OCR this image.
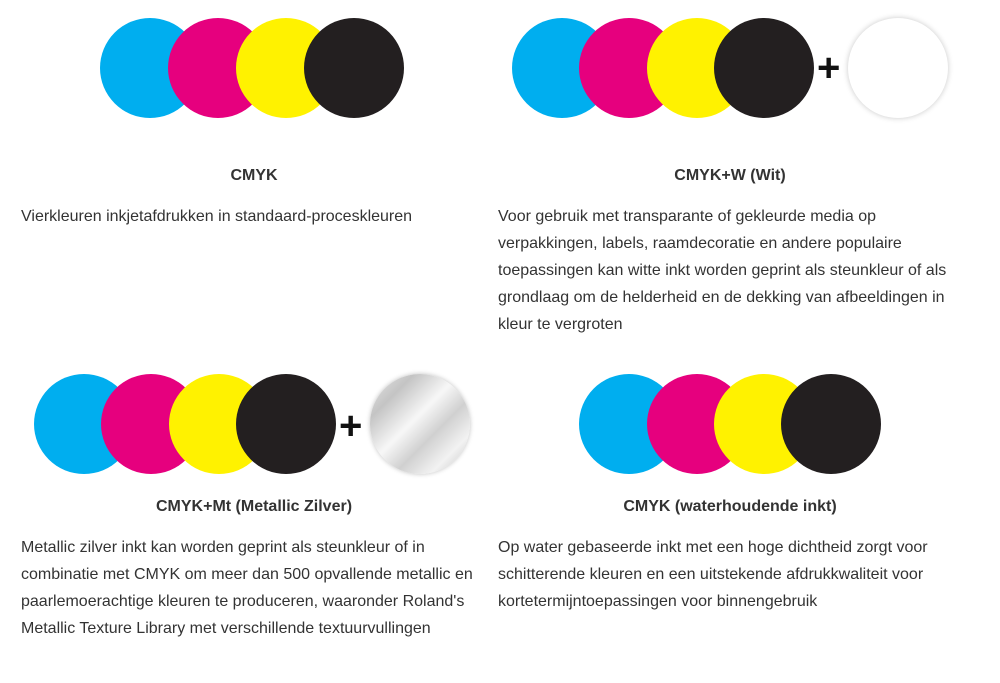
CMYK
Vierkleuren inkjetafdrukken in standaard-proceskleuren
+
CMYK+W (Wit)
Voor gebruik met transparante of gekleurde media op verpakkingen, labels, raamdecoratie en andere populaire toepassingen kan witte inkt worden geprint als steunkleur of als grondlaag om de helderheid en de dekking van afbeeldingen in kleur te vergroten
+
CMYK+Mt (Metallic Zilver)
Metallic zilver inkt kan worden geprint als steunkleur of in combinatie met CMYK om meer dan 500 opvallende metallic en paarlemoerachtige kleuren te produceren, waaronder Roland's Metallic Texture Library met verschillende textuurvullingen
CMYK (waterhoudende inkt)
Op water gebaseerde inkt met een hoge dichtheid zorgt voor schitterende kleuren en een uitstekende afdrukkwaliteit voor kortetermijntoepassingen voor binnengebruik
